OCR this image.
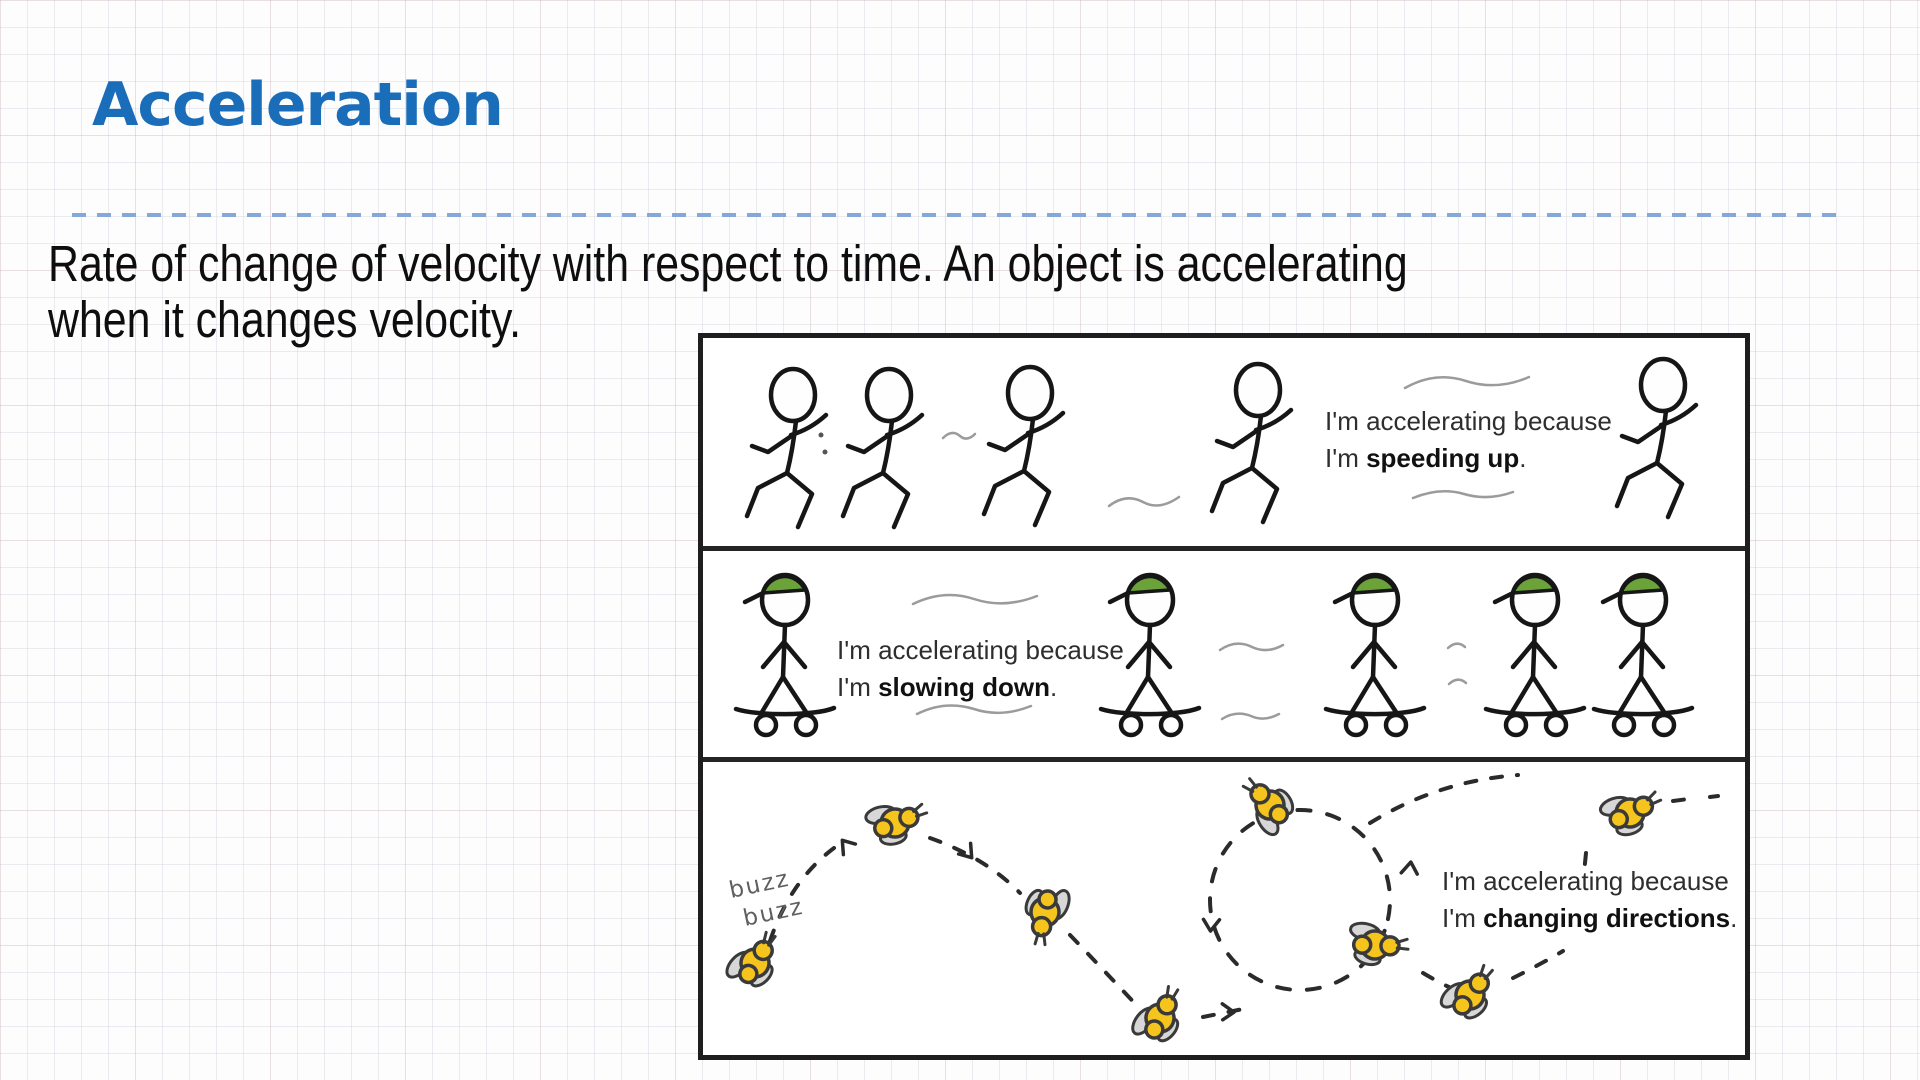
Acceleration

Rate of change of velocity with respect to time. An object is accelerating
when it changes velocity.

I'm accelerating because I'm speeding up.
I'm accelerating because I'm slowing down.
buzz
buzz
I'm accelerating because I'm changing directions.
